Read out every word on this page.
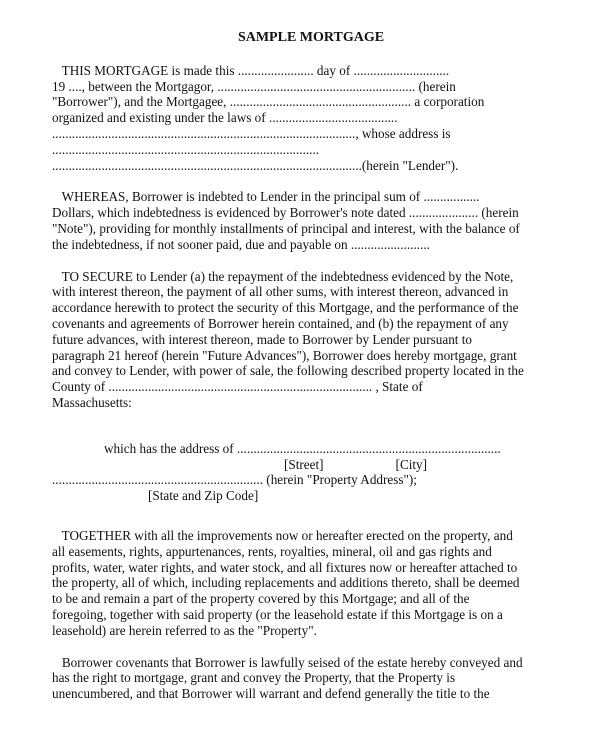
SAMPLE MORTGAGE
THIS MORTGAGE is made this ....................... day of .............................
19 ...., between the Mortgagor, ............................................................ (herein
"Borrower"), and the Mortgagee, ....................................................... a corporation
organized and existing under the laws of .......................................
............................................................................................, whose address is
.................................................................................
..............................................................................................(herein "Lender").
WHEREAS, Borrower is indebted to Lender in the principal sum of .................
Dollars, which indebtedness is evidenced by Borrower's note dated ..................... (herein
"Note"), providing for monthly installments of principal and interest, with the balance of
the indebtedness, if not sooner paid, due and payable on ........................
TO SECURE to Lender (a) the repayment of the indebtedness evidenced by the Note,
with interest thereon, the payment of all other sums, with interest thereon, advanced in
accordance herewith to protect the security of this Mortgage, and the performance of the
covenants and agreements of Borrower herein contained, and (b) the repayment of any
future advances, with interest thereon, made to Borrower by Lender pursuant to
paragraph 21 hereof (herein "Future Advances"), Borrower does hereby mortgage, grant
and convey to Lender, with power of sale, the following described property located in the
County of ................................................................................ , State of
Massachusetts:
which has the address of ................................................................................
[Street]	[City]
................................................................ (herein "Property Address");
[State and Zip Code]
TOGETHER with all the improvements now or hereafter erected on the property, and
all easements, rights, appurtenances, rents, royalties, mineral, oil and gas rights and
profits, water, water rights, and water stock, and all fixtures now or hereafter attached to
the property, all of which, including replacements and additions thereto, shall be deemed
to be and remain a part of the property covered by this Mortgage; and all of the
foregoing, together with said property (or the leasehold estate if this Mortgage is on a
leasehold) are herein referred to as the "Property".
Borrower covenants that Borrower is lawfully seised of the estate hereby conveyed and
has the right to mortgage, grant and convey the Property, that the Property is
unencumbered, and that Borrower will warrant and defend generally the title to the
